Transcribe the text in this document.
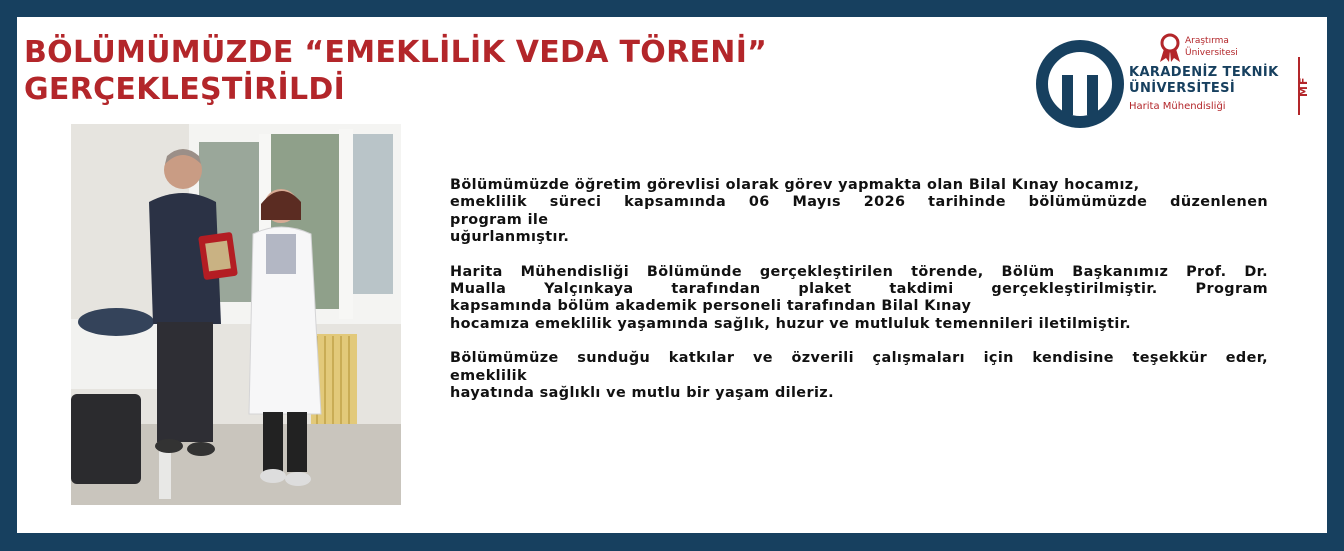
BÖLÜMÜMÜZDE “EMEKLİLİK VEDA TÖRENİ”
GERÇEKLEŞTİRİLDİ
Araştırma
Üniversitesi
KARADENİZ TEKNİK
ÜNİVERSİTESİ
Harita Mühendisliği
MF
Bölümümüzde öğretim görevlisi olarak görev yapmakta olan Bilal Kınay hocamız,
emeklilik süreci kapsamında 06 Mayıs 2026 tarihinde bölümümüzde düzenlenen
program ile
uğurlanmıştır.
Harita Mühendisliği Bölümünde gerçekleştirilen törende, Bölüm Başkanımız Prof. Dr.
Mualla Yalçınkaya tarafından plaket takdimi gerçekleştirilmiştir. Program
kapsamında bölüm akademik personeli tarafından Bilal Kınay
hocamıza emeklilik yaşamında sağlık, huzur ve mutluluk temennileri iletilmiştir.
Bölümümüze sunduğu katkılar ve özverili çalışmaları için kendisine teşekkür eder,
emeklilik
hayatında sağlıklı ve mutlu bir yaşam dileriz.
